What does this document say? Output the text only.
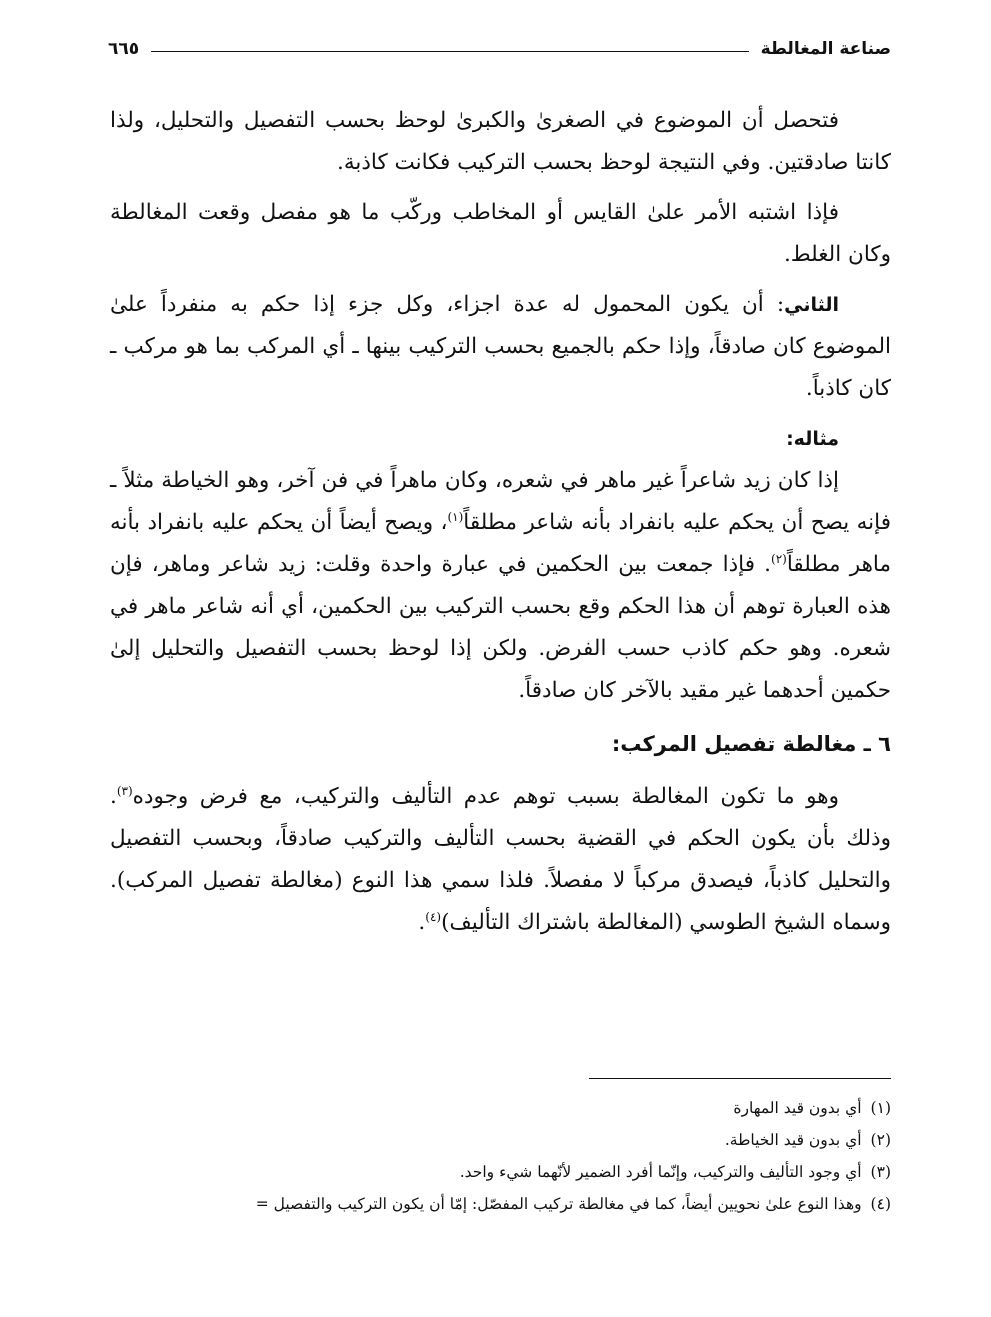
صناعة المغالطة
٦٦٥

فتحصل أن الموضوع في الصغرىٰ والكبرىٰ لوحظ بحسب التفصيل والتحليل، ولذا كانتا صادقتين. وفي النتيجة لوحظ بحسب التركيب فكانت كاذبة.

فإذا اشتبه الأمر علىٰ القايس أو المخاطب وركّب ما هو مفصل وقعت المغالطة وكان الغلط.

الثاني: أن يكون المحمول له عدة اجزاء، وكل جزء إذا حكم به منفرداً علىٰ الموضوع كان صادقاً، وإذا حكم بالجميع بحسب التركيب بينها ـ أي المركب بما هو مركب ـ كان كاذباً.

مثاله:

إذا كان زيد شاعراً غير ماهر في شعره، وكان ماهراً في فن آخر، وهو الخياطة مثلاً ـ فإنه يصح أن يحكم عليه بانفراد بأنه شاعر مطلقاً$^{(١)}$، ويصح أيضاً أن يحكم عليه بانفراد بأنه ماهر مطلقاً$^{(٢)}$. فإذا جمعت بين الحكمين في عبارة واحدة وقلت: زيد شاعر وماهر، فإن هذه العبارة توهم أن هذا الحكم وقع بحسب التركيب بين الحكمين، أي أنه شاعر ماهر في شعره. وهو حكم كاذب حسب الفرض. ولكن إذا لوحظ بحسب التفصيل والتحليل إلىٰ حكمين أحدهما غير مقيد بالآخر كان صادقاً.

٦ ـ مغالطة تفصيل المركب:

وهو ما تكون المغالطة بسبب توهم عدم التأليف والتركيب، مع فرض وجوده$^{(٣)}$. وذلك بأن يكون الحكم في القضية بحسب التأليف والتركيب صادقاً، وبحسب التفصيل والتحليل كاذباً، فيصدق مركباً لا مفصلاً. فلذا سمي هذا النوع (مغالطة تفصيل المركب). وسماه الشيخ الطوسي (المغالطة باشتراك التأليف)$^{(٤)}$.

(١) أي بدون قيد المهارة

(٢) أي بدون قيد الخياطة.

(٣) أي وجود التأليف والتركيب، وإنّما أفرد الضمير لأنّهما شيء واحد.

(٤) وهذا النوع علىٰ نحويين أيضاً، كما في مغالطة تركيب المفصّل: إمّا أن يكون التركيب والتفصيل =
